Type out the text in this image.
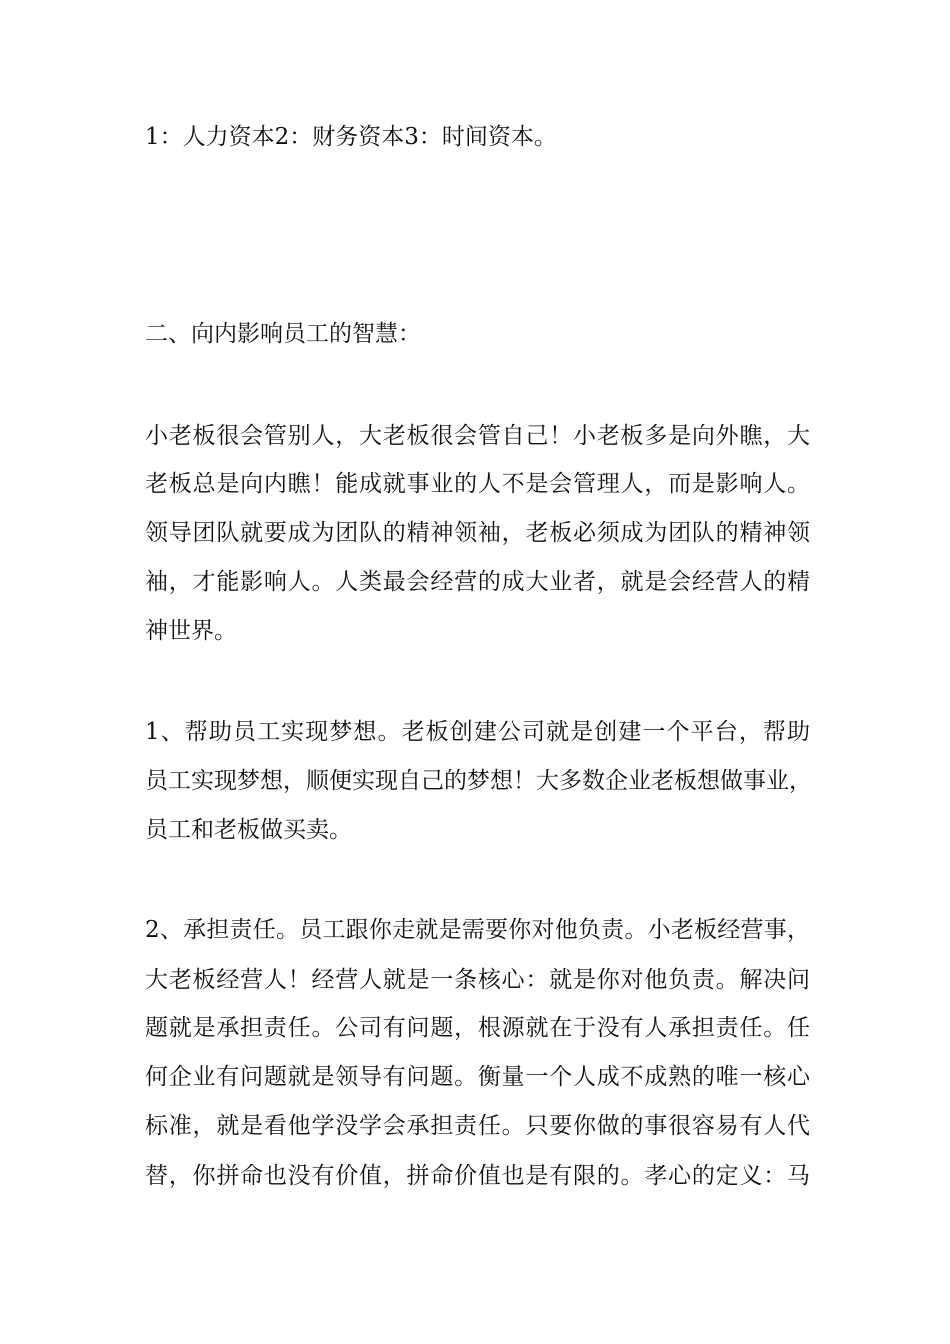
1：人力资本2：财务资本3：时间资本。

二、向内影响员工的智慧：

小老板很会管别人，大老板很会管自己！小老板多是向外瞧，大

老板总是向内瞧！能成就事业的人不是会管理人，而是影响人。

领导团队就要成为团队的精神领袖，老板必须成为团队的精神领

袖，才能影响人。人类最会经营的成大业者，就是会经营人的精

神世界。

1、帮助员工实现梦想。老板创建公司就是创建一个平台，帮助

员工实现梦想，顺便实现自己的梦想！大多数企业老板想做事业，

员工和老板做买卖。

2、承担责任。员工跟你走就是需要你对他负责。小老板经营事，

大老板经营人！经营人就是一条核心：就是你对他负责。解决问

题就是承担责任。公司有问题，根源就在于没有人承担责任。任

何企业有问题就是领导有问题。衡量一个人成不成熟的唯一核心

标准，就是看他学没学会承担责任。只要你做的事很容易有人代

替，你拼命也没有价值，拼命价值也是有限的。孝心的定义：马
